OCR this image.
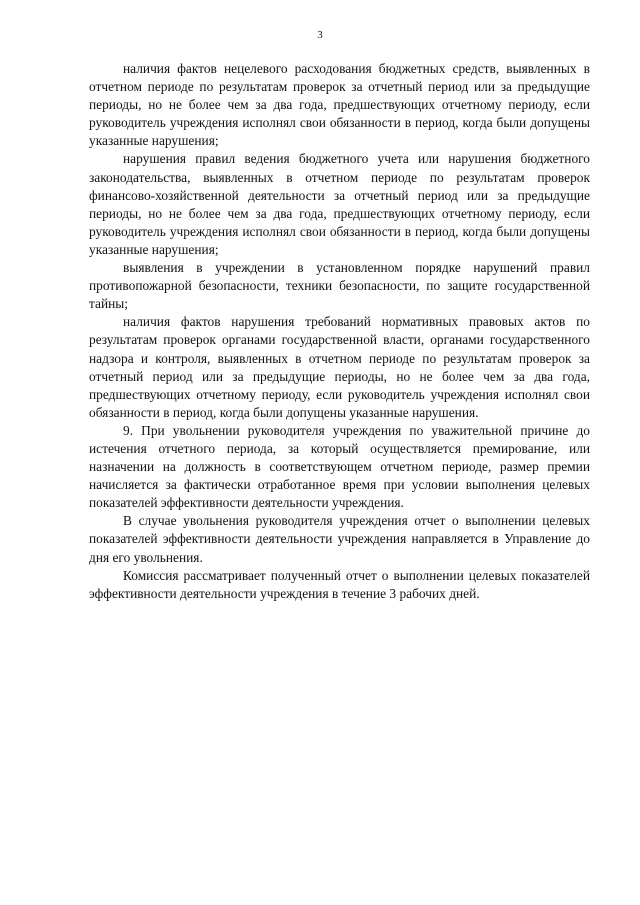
3

наличия фактов нецелевого расходования бюджетных средств, выявленных в отчетном периоде по результатам проверок за отчетный период или за предыдущие периоды, но не более чем за два года, предшествующих отчетному периоду, если руководитель учреждения исполнял свои обязанности в период, когда были допущены указанные нарушения;

нарушения правил ведения бюджетного учета или нарушения бюджетного законодательства, выявленных в отчетном периоде по результатам проверок финансово-хозяйственной деятельности за отчетный период или за предыдущие периоды, но не более чем за два года, предшествующих отчетному периоду, если руководитель учреждения исполнял свои обязанности в период, когда были допущены указанные нарушения;

выявления в учреждении в установленном порядке нарушений правил противопожарной безопасности, техники безопасности, по защите государственной тайны;

наличия фактов нарушения требований нормативных правовых актов по результатам проверок органами государственной власти, органами государственного надзора и контроля, выявленных в отчетном периоде по результатам проверок за отчетный период или за предыдущие периоды, но не более чем за два года, предшествующих отчетному периоду, если руководитель учреждения исполнял свои обязанности в период, когда были допущены указанные нарушения.

9. При увольнении руководителя учреждения по уважительной причине до истечения отчетного периода, за который осуществляется премирование, или назначении на должность в соответствующем отчетном периоде, размер премии начисляется за фактически отработанное время при условии выполнения целевых показателей эффективности деятельности учреждения.

В случае увольнения руководителя учреждения отчет о выполнении целевых показателей эффективности деятельности учреждения направляется в Управление до дня его увольнения.

Комиссия рассматривает полученный отчет о выполнении целевых показателей эффективности деятельности учреждения в течение 3 рабочих дней.
